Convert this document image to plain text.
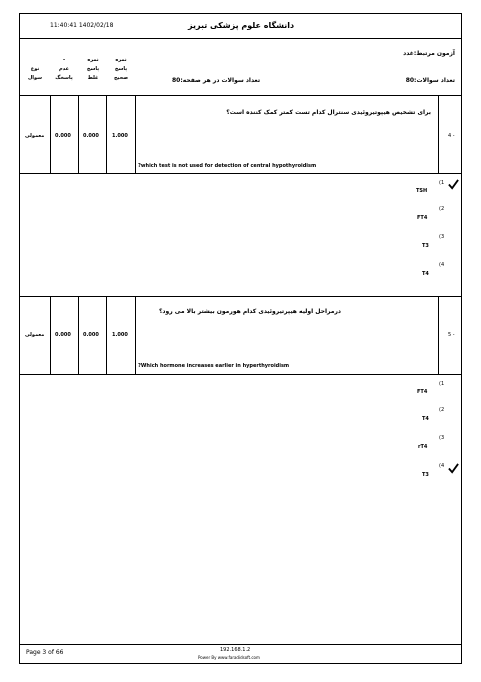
11:40:41 1402/02/18	دانشگاه علوم پزشکی تبریز
آزمون مرتبط:غدد
تعداد سوالات در هر صفحه:80	تعداد سوالات:80
نمره
پاسخ
صحیح
نمره
پاسخ
غلط
-
عدم
پاسخگ
نوع
سوال
معمولی 0.000 0.000	1.000	4 -
برای تشخیص هیپوتیروئیدی سنترال کدام تست کمتر کمک کننده است؟
?which test is not used for detection of central hypothyroidism
(1
TSH
(2
FT4
(3
T3
(4
T4
معمولی 0.000 0.000	1.000	5 -
درمراحل اولیه هیپرتیروئیدی کدام هورمون بیشتر بالا می رود؟
?Which hormone increases earlier in hyperthyroidism
(1
FT4
(2
T4
(3
rT4
(4
T3
Page 3 of 66	192.168.1.2
Power By www.faradidsoft.com
